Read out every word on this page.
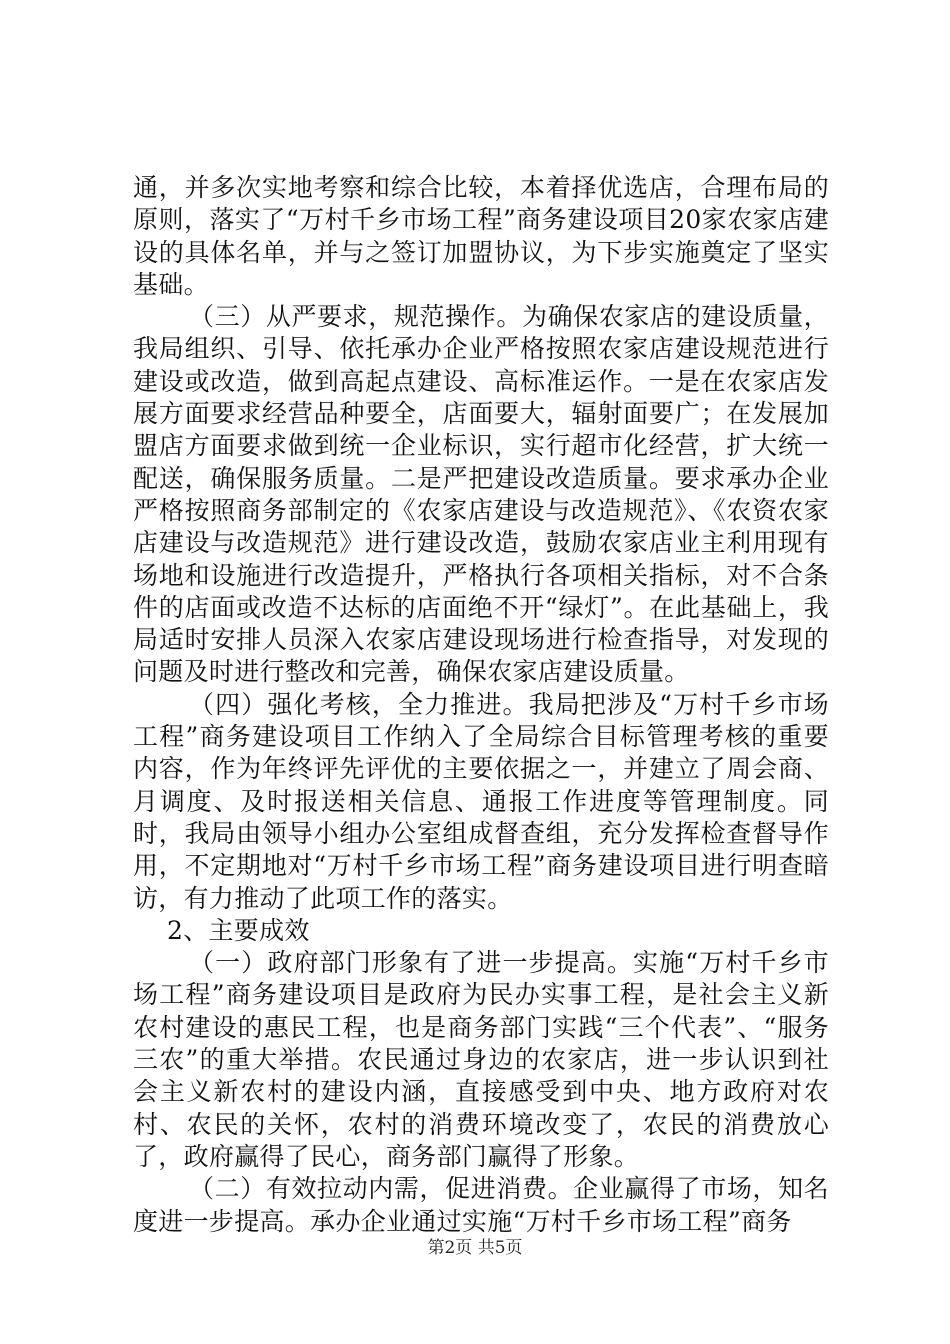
通，并多次实地考察和综合比较，本着择优选店，合理布局的原则，落实了“万村千乡市场工程”商务建设项目20家农家店建设的具体名单，并与之签订加盟协议，为下步实施奠定了坚实基础。

（三）从严要求，规范操作。为确保农家店的建设质量，我局组织、引导、依托承办企业严格按照农家店建设规范进行建设或改造，做到高起点建设、高标准运作。一是在农家店发展方面要求经营品种要全，店面要大，辐射面要广；在发展加盟店方面要求做到统一企业标识，实行超市化经营，扩大统一配送，确保服务质量。二是严把建设改造质量。要求承办企业严格按照商务部制定的《农家店建设与改造规范》、《农资农家店建设与改造规范》进行建设改造，鼓励农家店业主利用现有场地和设施进行改造提升，严格执行各项相关指标，对不合条件的店面或改造不达标的店面绝不开“绿灯”。在此基础上，我局适时安排人员深入农家店建设现场进行检查指导，对发现的问题及时进行整改和完善，确保农家店建设质量。

（四）强化考核，全力推进。我局把涉及“万村千乡市场工程”商务建设项目工作纳入了全局综合目标管理考核的重要内容，作为年终评先评优的主要依据之一，并建立了周会商、月调度、及时报送相关信息、通报工作进度等管理制度。同时，我局由领导小组办公室组成督查组，充分发挥检查督导作用，不定期地对“万村千乡市场工程”商务建设项目进行明查暗访，有力推动了此项工作的落实。

2、主要成效

（一）政府部门形象有了进一步提高。实施“万村千乡市场工程”商务建设项目是政府为民办实事工程，是社会主义新农村建设的惠民工程，也是商务部门实践“三个代表”、“服务三农”的重大举措。农民通过身边的农家店，进一步认识到社会主义新农村的建设内涵，直接感受到中央、地方政府对农村、农民的关怀，农村的消费环境改变了，农民的消费放心了，政府赢得了民心，商务部门赢得了形象。

（二）有效拉动内需，促进消费。企业赢得了市场，知名度进一步提高。承办企业通过实施“万村千乡市场工程”商务

第2页 共5页
